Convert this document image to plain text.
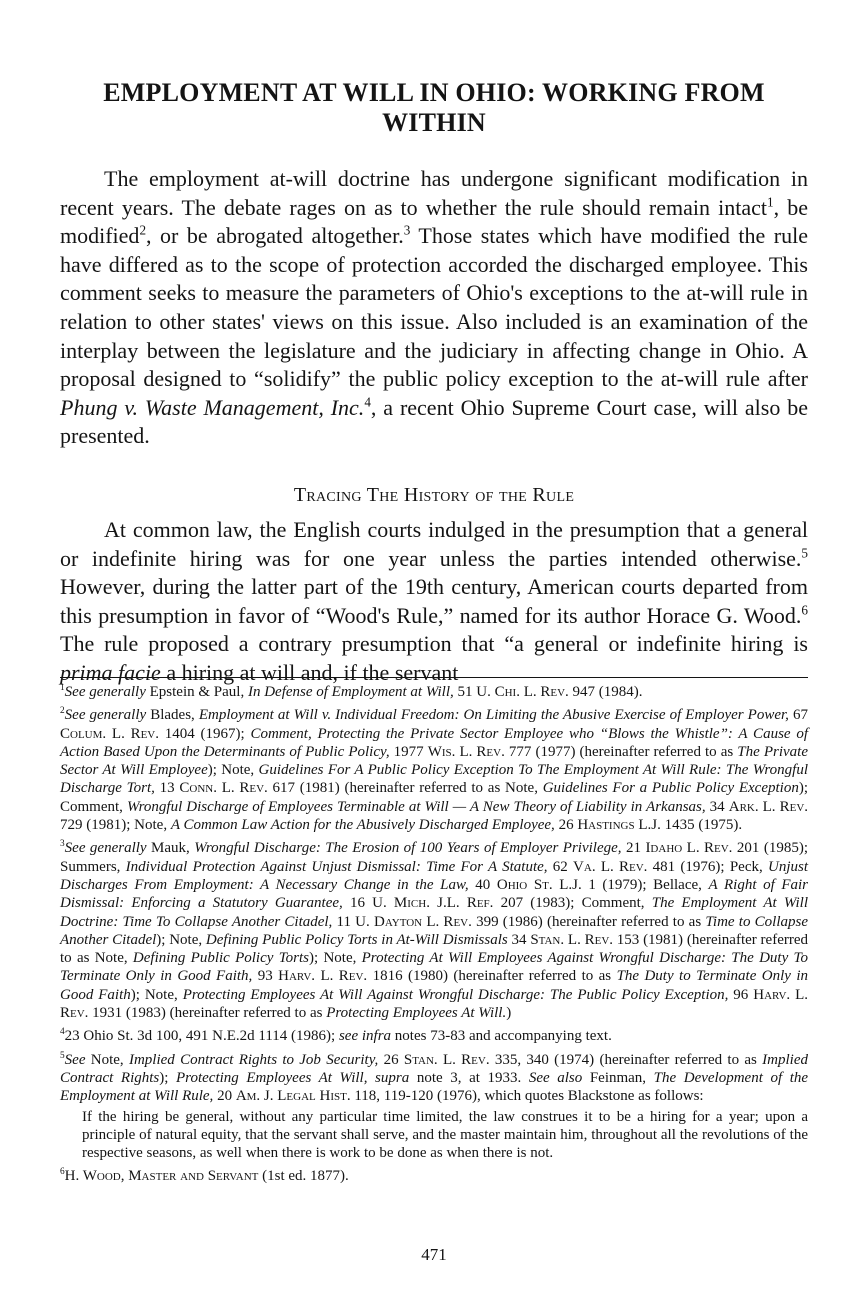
EMPLOYMENT AT WILL IN OHIO: WORKING FROM
WITHIN

The employment at-will doctrine has undergone significant modification in recent years. The debate rages on as to whether the rule should remain intact$^1$, be modified$^2$, or be abrogated altogether.$^3$ Those states which have modified the rule have differed as to the scope of protection accorded the discharged employee. This comment seeks to measure the parameters of Ohio's exceptions to the at-will rule in relation to other states' views on this issue. Also included is an examination of the interplay between the legislature and the judiciary in affecting change in Ohio. A proposal designed to “solidify” the public policy exception to the at-will rule after Phung v. Waste Management, Inc.$^4$, a recent Ohio Supreme Court case, will also be presented.

Tracing The History of the Rule

At common law, the English courts indulged in the presumption that a general or indefinite hiring was for one year unless the parties intended otherwise.$^5$ However, during the latter part of the 19th century, American courts departed from this presumption in favor of “Wood's Rule,” named for its author Horace G. Wood.$^6$ The rule proposed a contrary presumption that “a general or indefinite hiring is prima facie a hiring at will and, if the servant

$^1$See generally Epstein & Paul, In Defense of Employment at Will, 51 U. Chi. L. Rev. 947 (1984).

$^2$See generally Blades, Employment at Will v. Individual Freedom: On Limiting the Abusive Exercise of Employer Power, 67 Colum. L. Rev. 1404 (1967); Comment, Protecting the Private Sector Employee who “Blows the Whistle”: A Cause of Action Based Upon the Determinants of Public Policy, 1977 Wis. L. Rev. 777 (1977) (hereinafter referred to as The Private Sector At Will Employee); Note, Guidelines For A Public Policy Exception To The Employment At Will Rule: The Wrongful Discharge Tort, 13 Conn. L. Rev. 617 (1981) (hereinafter referred to as Note, Guidelines For a Public Policy Exception); Comment, Wrongful Discharge of Employees Terminable at Will — A New Theory of Liability in Arkansas, 34 Ark. L. Rev. 729 (1981); Note, A Common Law Action for the Abusively Discharged Employee, 26 Hastings L.J. 1435 (1975).

$^3$See generally Mauk, Wrongful Discharge: The Erosion of 100 Years of Employer Privilege, 21 Idaho L. Rev. 201 (1985); Summers, Individual Protection Against Unjust Dismissal: Time For A Statute, 62 Va. L. Rev. 481 (1976); Peck, Unjust Discharges From Employment: A Necessary Change in the Law, 40 Ohio St. L.J. 1 (1979); Bellace, A Right of Fair Dismissal: Enforcing a Statutory Guarantee, 16 U. Mich. J.L. Ref. 207 (1983); Comment, The Employment At Will Doctrine: Time To Collapse Another Citadel, 11 U. Dayton L. Rev. 399 (1986) (hereinafter referred to as Time to Collapse Another Citadel); Note, Defining Public Policy Torts in At-Will Dismissals 34 Stan. L. Rev. 153 (1981) (hereinafter referred to as Note, Defining Public Policy Torts); Note, Protecting At Will Employees Against Wrongful Discharge: The Duty To Terminate Only in Good Faith, 93 Harv. L. Rev. 1816 (1980) (hereinafter referred to as The Duty to Terminate Only in Good Faith); Note, Protecting Employees At Will Against Wrongful Discharge: The Public Policy Exception, 96 Harv. L. Rev. 1931 (1983) (hereinafter referred to as Protecting Employees At Will.)

$^4$23 Ohio St. 3d 100, 491 N.E.2d 1114 (1986); see infra notes 73-83 and accompanying text.

$^5$See Note, Implied Contract Rights to Job Security, 26 Stan. L. Rev. 335, 340 (1974) (hereinafter referred to as Implied Contract Rights); Protecting Employees At Will, supra note 3, at 1933. See also Feinman, The Development of the Employment at Will Rule, 20 Am. J. Legal Hist. 118, 119-120 (1976), which quotes Blackstone as follows:

If the hiring be general, without any particular time limited, the law construes it to be a hiring for a year; upon a principle of natural equity, that the servant shall serve, and the master maintain him, throughout all the revolutions of the respective seasons, as well when there is work to be done as when there is not.

$^6$H. Wood, Master and Servant (1st ed. 1877).

471
